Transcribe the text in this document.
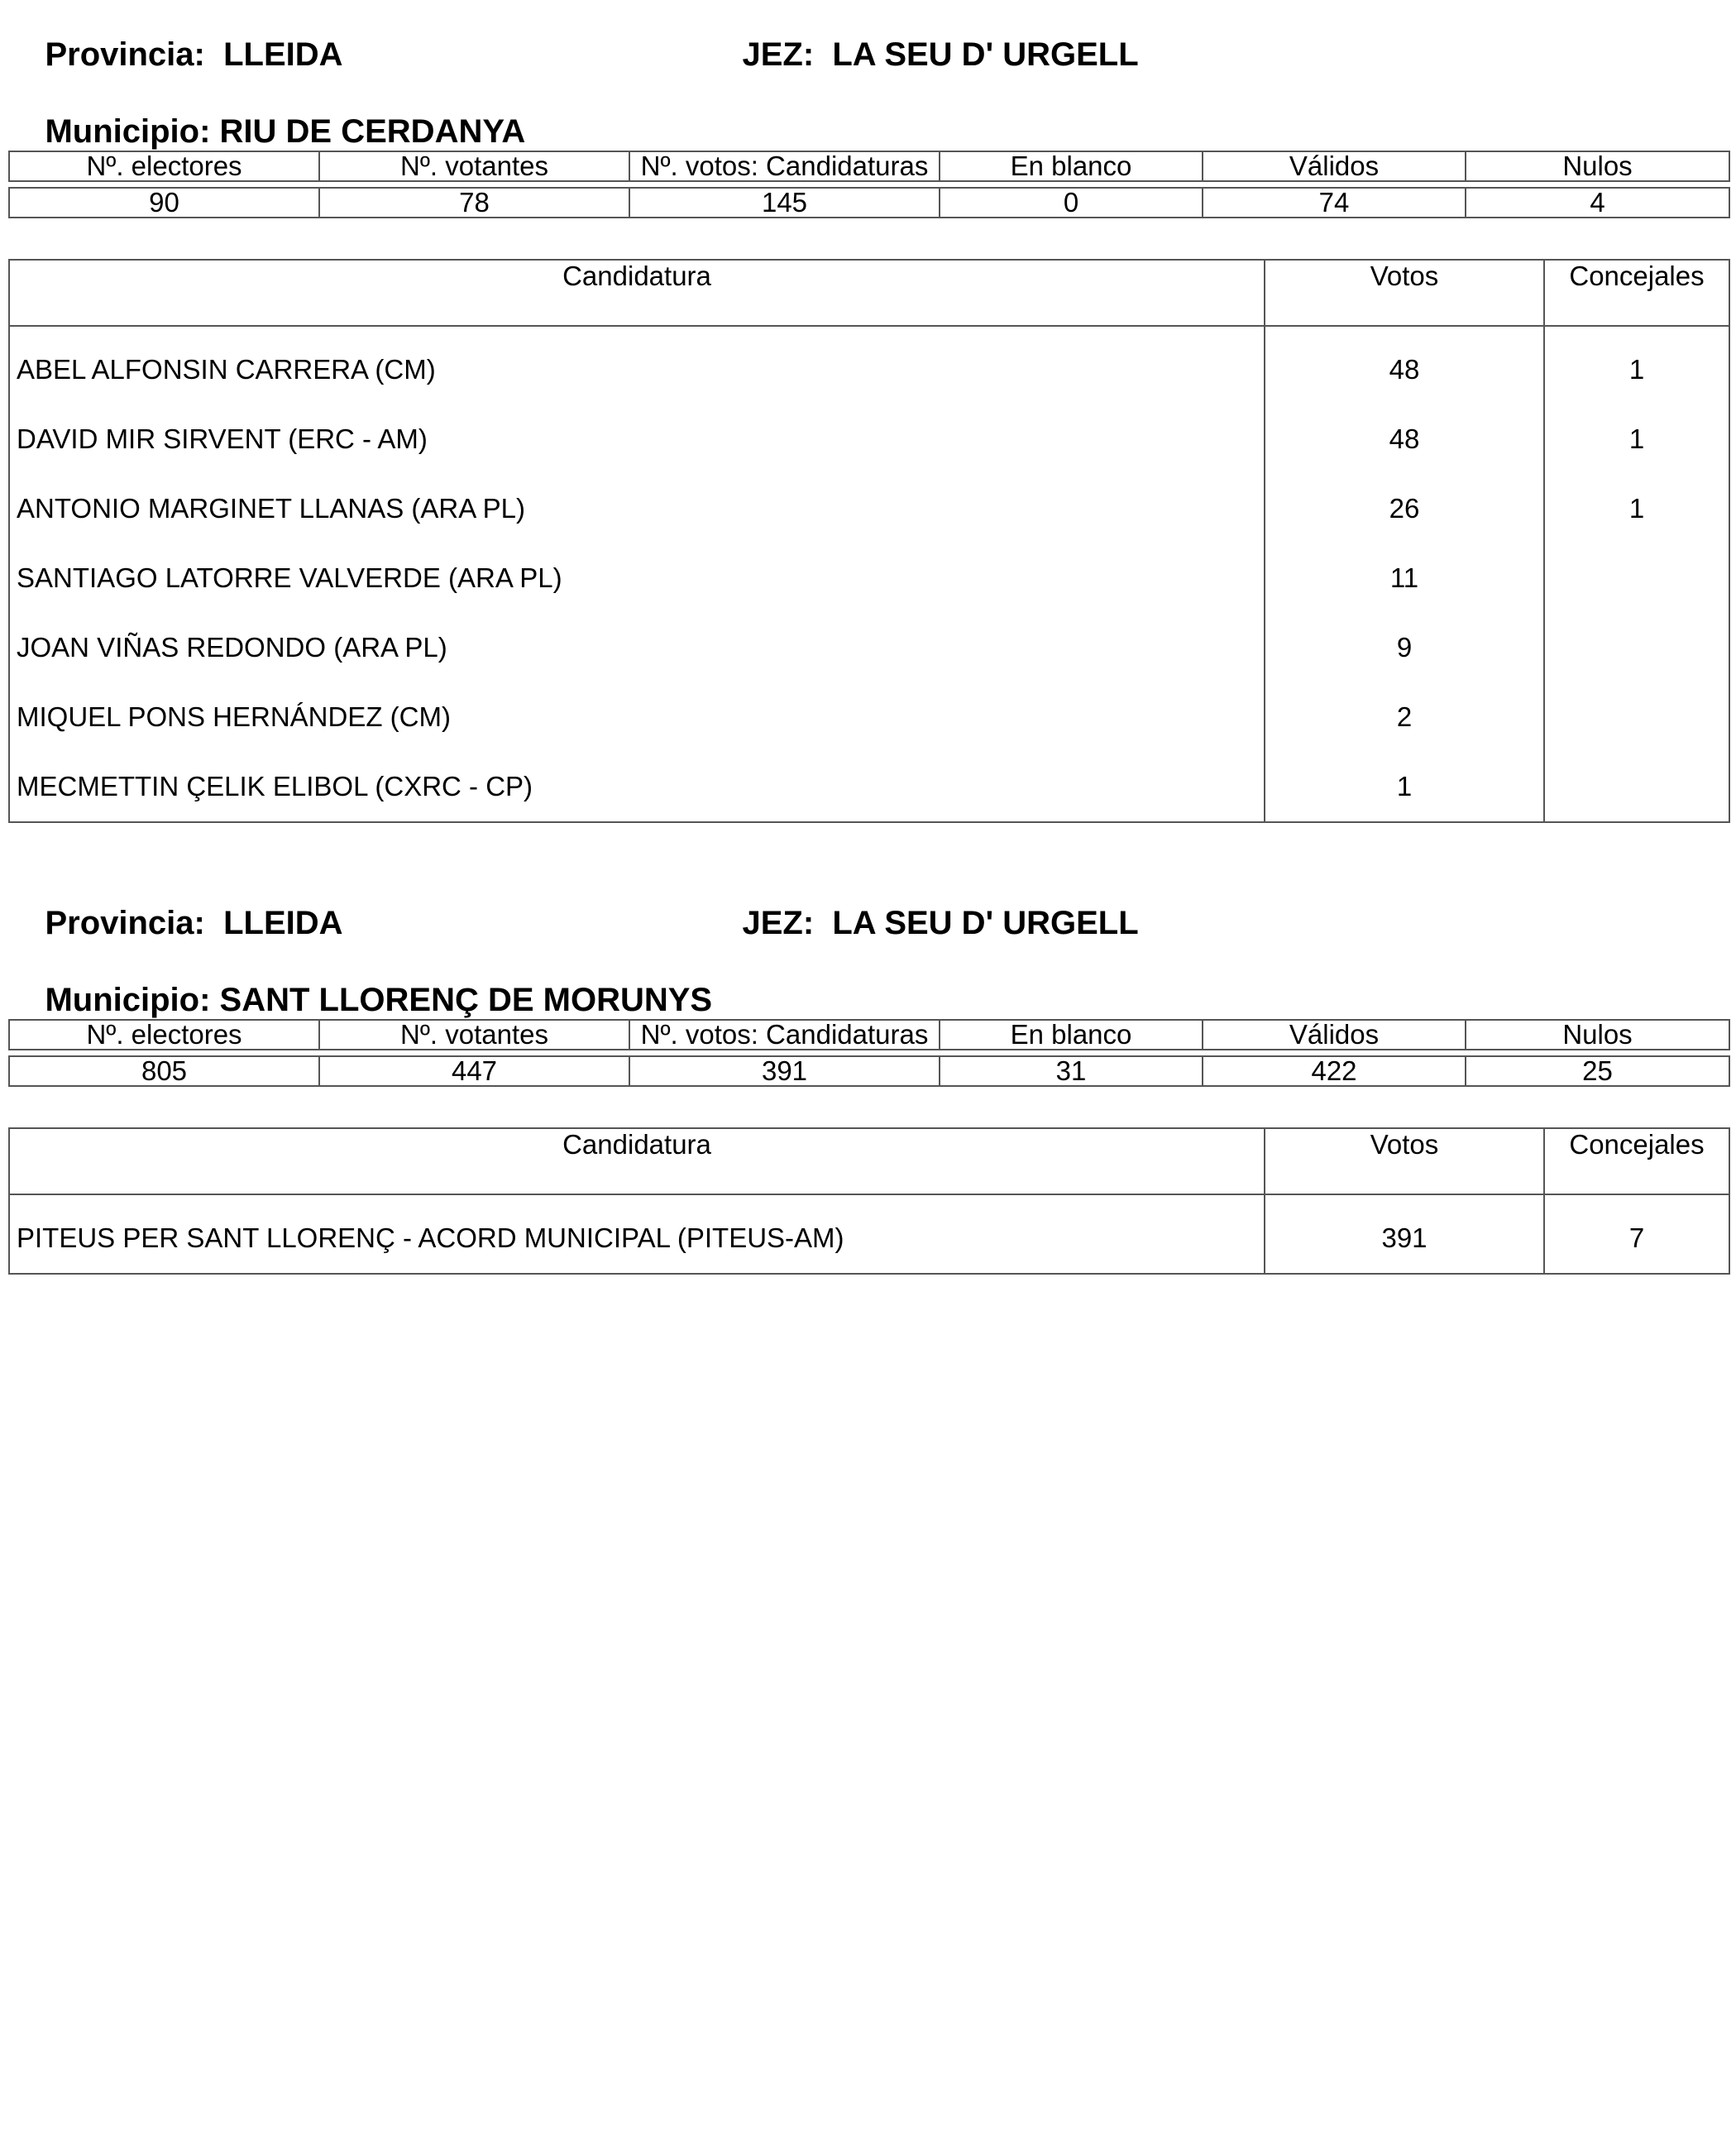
Provincia: LLEIDA
	JEZ: LA SEU D' URGELL

Municipio: RIU DE CERDANYA

Nº. electores	Nº. votantes	Nº. votos: Candidaturas	En blanco	Válidos	Nulos

90	78	145	0	74	4
Candidatura	Votos	Concejales
ABEL ALFONSIN CARRERA (CM)	48	1
DAVID MIR SIRVENT (ERC - AM)	48	1
ANTONIO MARGINET LLANAS (ARA PL)	26	1
SANTIAGO LATORRE VALVERDE (ARA PL)	11	
JOAN VIÑAS REDONDO (ARA PL)	9	
MIQUEL PONS HERNÁNDEZ (CM)	2	
MECMETTIN ÇELIK ELIBOL (CXRC - CP)	1	

Provincia: LLEIDA
	JEZ: LA SEU D' URGELL

Municipio: SANT LLORENÇ DE MORUNYS

Nº. electores	Nº. votantes	Nº. votos: Candidaturas	En blanco	Válidos	Nulos

805	447	391	31	422	25
Candidatura	Votos	Concejales
PITEUS PER SANT LLORENÇ - ACORD MUNICIPAL (PITEUS-AM)	391	7
